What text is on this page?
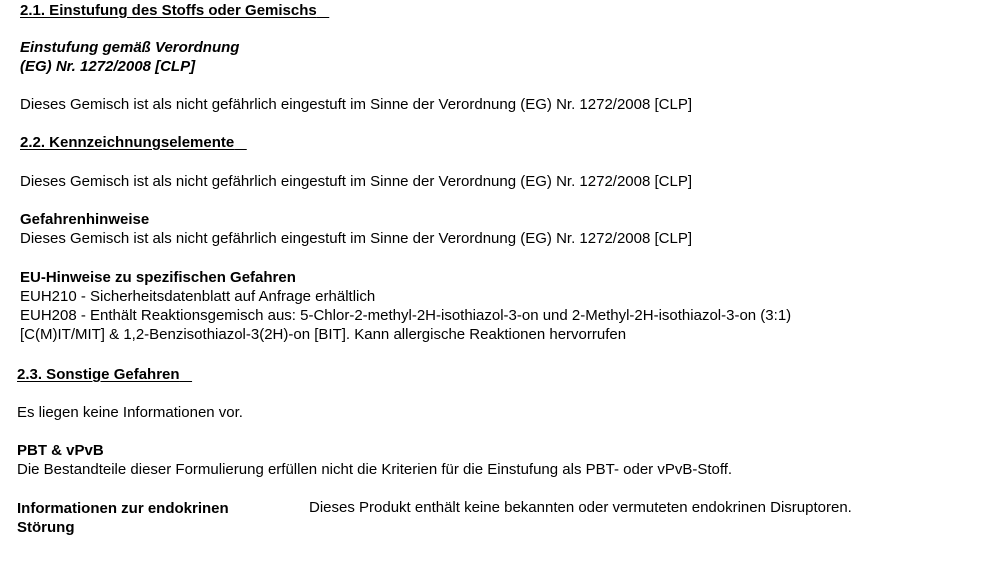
2.1. Einstufung des Stoffs oder Gemischs
Einstufung gemäß Verordnung
(EG) Nr. 1272/2008 [CLP]
Dieses Gemisch ist als nicht gefährlich eingestuft im Sinne der Verordnung (EG) Nr. 1272/2008 [CLP]
2.2. Kennzeichnungselemente
Dieses Gemisch ist als nicht gefährlich eingestuft im Sinne der Verordnung (EG) Nr. 1272/2008 [CLP]
Gefahrenhinweise
Dieses Gemisch ist als nicht gefährlich eingestuft im Sinne der Verordnung (EG) Nr. 1272/2008 [CLP]
EU-Hinweise zu spezifischen Gefahren
EUH210 - Sicherheitsdatenblatt auf Anfrage erhältlich
EUH208 - Enthält Reaktionsgemisch aus: 5-Chlor-2-methyl-2H-isothiazol-3-on und 2-Methyl-2H-isothiazol-3-on (3:1)
[C(M)IT/MIT] & 1,2-Benzisothiazol-3(2H)-on [BIT]. Kann allergische Reaktionen hervorrufen
2.3. Sonstige Gefahren
Es liegen keine Informationen vor.
PBT & vPvB
Die Bestandteile dieser Formulierung erfüllen nicht die Kriterien für die Einstufung als PBT- oder vPvB-Stoff.
Informationen zur endokrinen
Störung
Dieses Produkt enthält keine bekannten oder vermuteten endokrinen Disruptoren.
